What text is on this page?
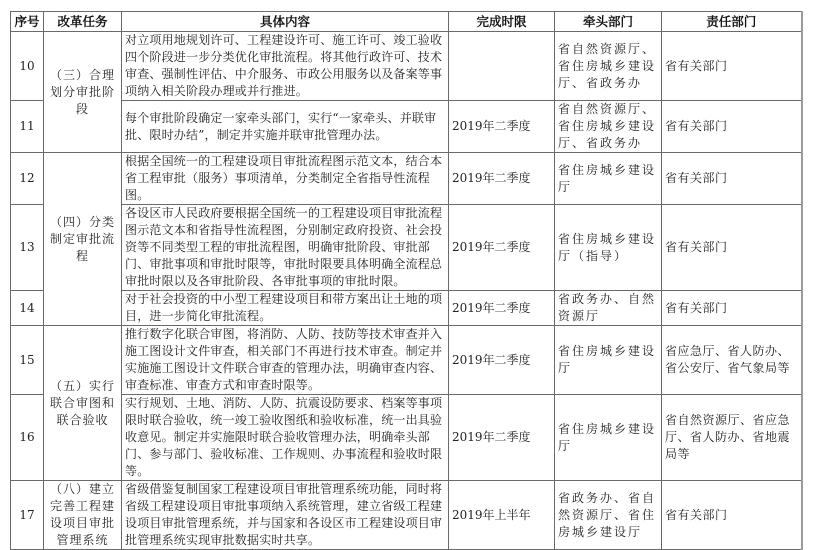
序号	改革任务	具体内容	完成时限	牵头部门	责任部门
10	（三）合理划分审批阶段	对立项用地规划许可、工程建设许可、施工许可、竣工验收四个阶段进一步分类优化审批流程。将其他行政许可、技术审查、强制性评估、中介服务、市政公用服务以及备案等事项纳入相关阶段办理或并行推进。		省自然资源厅、省住房城乡建设厅、省政务办	省有关部门
11		每个审批阶段确定一家牵头部门，实行“一家牵头、并联审批、限时办结”，制定并实施并联审批管理办法。	2019年二季度	省自然资源厅、省住房城乡建设厅、省政务办	省有关部门
12	（四）分类制定审批流程	根据全国统一的工程建设项目审批流程图示范文本，结合本省工程审批（服务）事项清单，分类制定全省指导性流程图。	2019年二季度	省住房城乡建设厅	省有关部门
13		各设区市人民政府要根据全国统一的工程建设项目审批流程图示范文本和省指导性流程图，分别制定政府投资、社会投资等不同类型工程的审批流程图，明确审批阶段、审批部门、审批事项和审批时限等，审批时限要具体明确全流程总审批时限以及各审批阶段、各审批事项的审批时限。	2019年二季度	省住房城乡建设厅（指导）	省有关部门
14		对于社会投资的中小型工程建设项目和带方案出让土地的项目，进一步简化审批流程。	2019年二季度	省政务办、自然资源厅	省有关部门
15	（五）实行联合审图和联合验收	推行数字化联合审图，将消防、人防、技防等技术审查并入施工图设计文件审查，相关部门不再进行技术审查。制定并实施施工图设计文件联合审查的管理办法，明确审查内容、审查标准、审查方式和审查时限等。	2019年二季度	省住房城乡建设厅	省应急厅、省人防办、省公安厅、省气象局等
16		实行规划、土地、消防、人防、抗震设防要求、档案等事项限时联合验收，统一竣工验收图纸和验收标准，统一出具验收意见。制定并实施限时联合验收管理办法，明确牵头部门、参与部门、验收标准、工作规则、办事流程和验收时限等。	2019年二季度	省住房城乡建设厅	省自然资源厅、省应急厅、省人防办、省地震局等
17	（八）建立完善工程建设项目审批管理系统	省级借鉴复制国家工程建设项目审批管理系统功能，同时将省级工程建设项目审批事项纳入系统管理，建立省级工程建设项目审批管理系统，并与国家和各设区市工程建设项目审批管理系统实现审批数据实时共享。	2019年上半年	省政务办、省自然资源厅、省住房城乡建设厅	省有关部门
